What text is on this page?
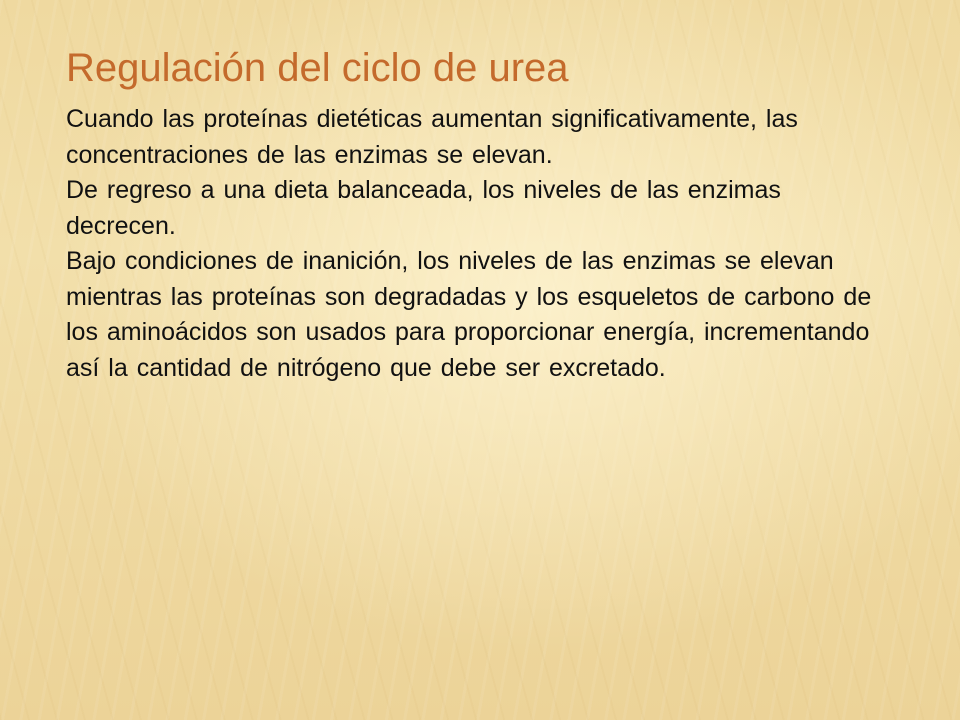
Regulación del ciclo de urea

Cuando las proteínas dietéticas aumentan significativamente, las concentraciones de las enzimas se elevan.

De regreso a una dieta balanceada, los niveles de las enzimas decrecen.

Bajo condiciones de inanición, los niveles de las enzimas se elevan mientras las proteínas son degradadas y los esqueletos de carbono de los aminoácidos son usados para proporcionar energía, incrementando así la cantidad de nitrógeno que debe ser excretado.
